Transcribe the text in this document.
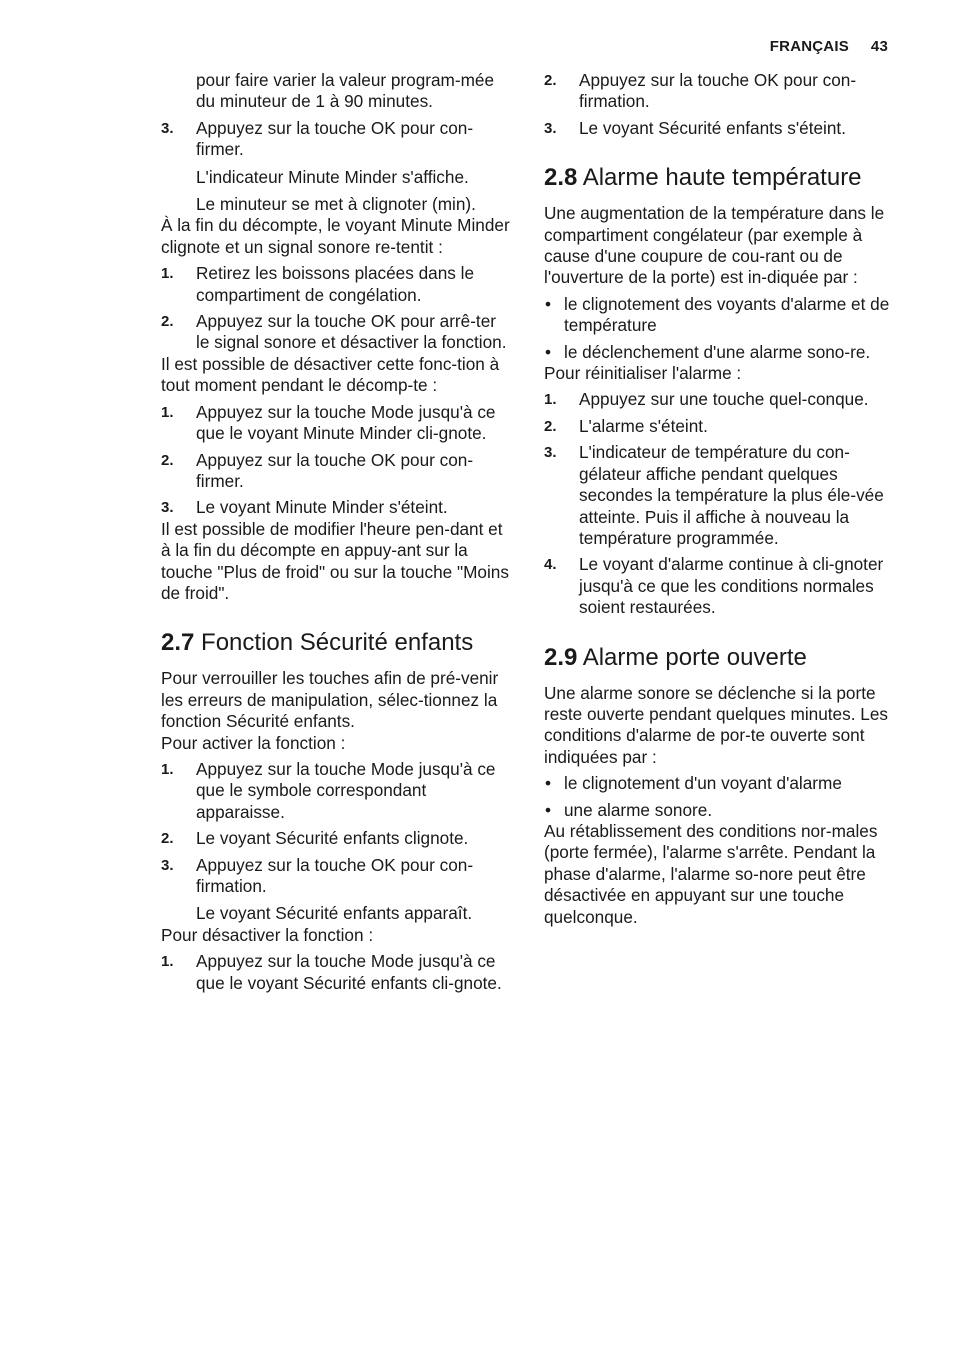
FRANÇAIS 43
pour faire varier la valeur program-mée du minuteur de 1 à 90 minutes.
3. Appuyez sur la touche OK pour con-firmer.
L'indicateur Minute Minder s'affiche.
Le minuteur se met à clignoter (min).
À la fin du décompte, le voyant Minute Minder clignote et un signal sonore re-tentit :
1. Retirez les boissons placées dans le compartiment de congélation.
2. Appuyez sur la touche OK pour arrê-ter le signal sonore et désactiver la fonction.
Il est possible de désactiver cette fonc-tion à tout moment pendant le décomp-te :
1. Appuyez sur la touche Mode jusqu'à ce que le voyant Minute Minder cli-gnote.
2. Appuyez sur la touche OK pour con-firmer.
3. Le voyant Minute Minder s'éteint.
Il est possible de modifier l'heure pen-dant et à la fin du décompte en appuy-ant sur la touche "Plus de froid" ou sur la touche "Moins de froid".
2.7 Fonction Sécurité enfants
Pour verrouiller les touches afin de pré-venir les erreurs de manipulation, sélec-tionnez la fonction Sécurité enfants.
Pour activer la fonction :
1. Appuyez sur la touche Mode jusqu'à ce que le symbole correspondant apparaisse.
2. Le voyant Sécurité enfants clignote.
3. Appuyez sur la touche OK pour con-firmation.
Le voyant Sécurité enfants apparaît.
Pour désactiver la fonction :
1. Appuyez sur la touche Mode jusqu'à ce que le voyant Sécurité enfants cli-gnote.
2. Appuyez sur la touche OK pour con-firmation.
3. Le voyant Sécurité enfants s'éteint.
2.8 Alarme haute température
Une augmentation de la température dans le compartiment congélateur (par exemple à cause d'une coupure de cou-rant ou de l'ouverture de la porte) est in-diquée par :
• le clignotement des voyants d'alarme et de température
• le déclenchement d'une alarme sono-re.
Pour réinitialiser l'alarme :
1. Appuyez sur une touche quel-conque.
2. L'alarme s'éteint.
3. L'indicateur de température du con-gélateur affiche pendant quelques secondes la température la plus éle-vée atteinte. Puis il affiche à nouveau la température programmée.
4. Le voyant d'alarme continue à cli-gnoter jusqu'à ce que les conditions normales soient restaurées.
2.9 Alarme porte ouverte
Une alarme sonore se déclenche si la porte reste ouverte pendant quelques minutes. Les conditions d'alarme de por-te ouverte sont indiquées par :
• le clignotement d'un voyant d'alarme
• une alarme sonore.
Au rétablissement des conditions nor-males (porte fermée), l'alarme s'arrête. Pendant la phase d'alarme, l'alarme so-nore peut être désactivée en appuyant sur une touche quelconque.
